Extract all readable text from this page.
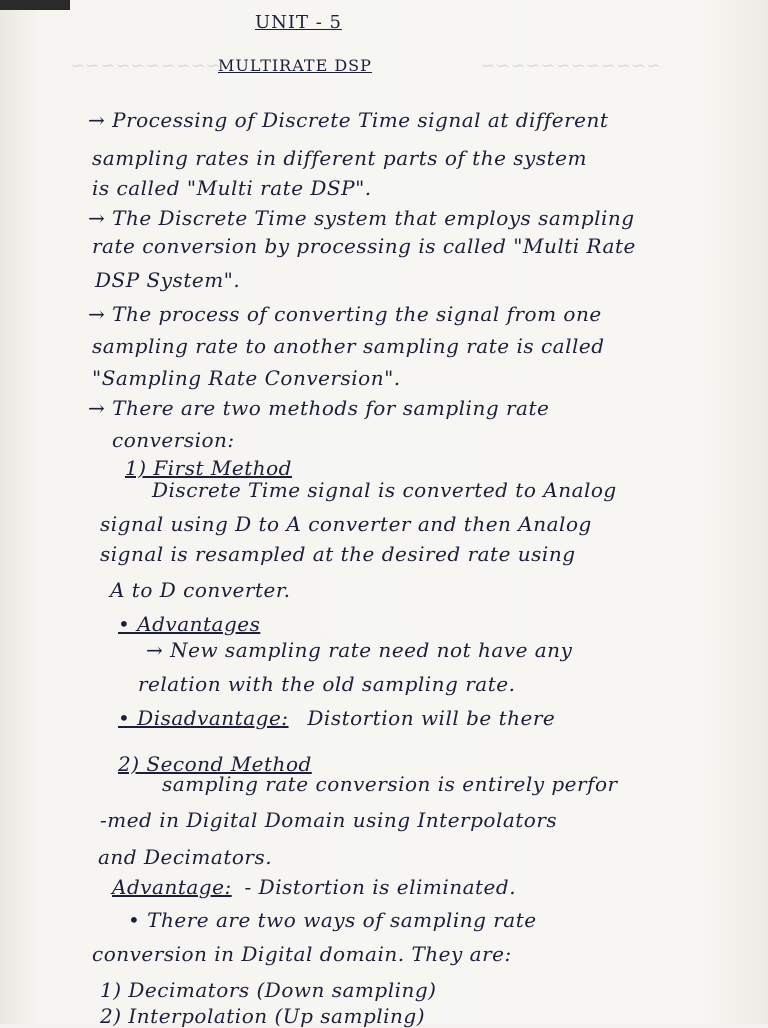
~~~~~~~~~~	~~~~~~~~~~~~
UNIT - 5
MULTIRATE DSP
→ Processing of Discrete Time signal at different
sampling rates in different parts of the system
is called "Multi rate DSP".
→ The Discrete Time system that employs sampling
rate conversion by processing is called "Multi Rate
DSP System".
→ The process of converting the signal from one
sampling rate to another sampling rate is called
"Sampling Rate Conversion".
→ There are two methods for sampling rate
conversion:
1) First Method
Discrete Time signal is converted to Analog
signal using D to A converter and then Analog
signal is resampled at the desired rate using
A to D converter.
• Advantages
→ New sampling rate need not have any
relation with the old sampling rate.
• Disadvantage: Distortion will be there
2) Second Method
sampling rate conversion is entirely perfor
-med in Digital Domain using Interpolators
and Decimators.
Advantage: - Distortion is eliminated.
• There are two ways of sampling rate
conversion in Digital domain. They are:
1) Decimators (Down sampling)
2) Interpolation (Up sampling)
